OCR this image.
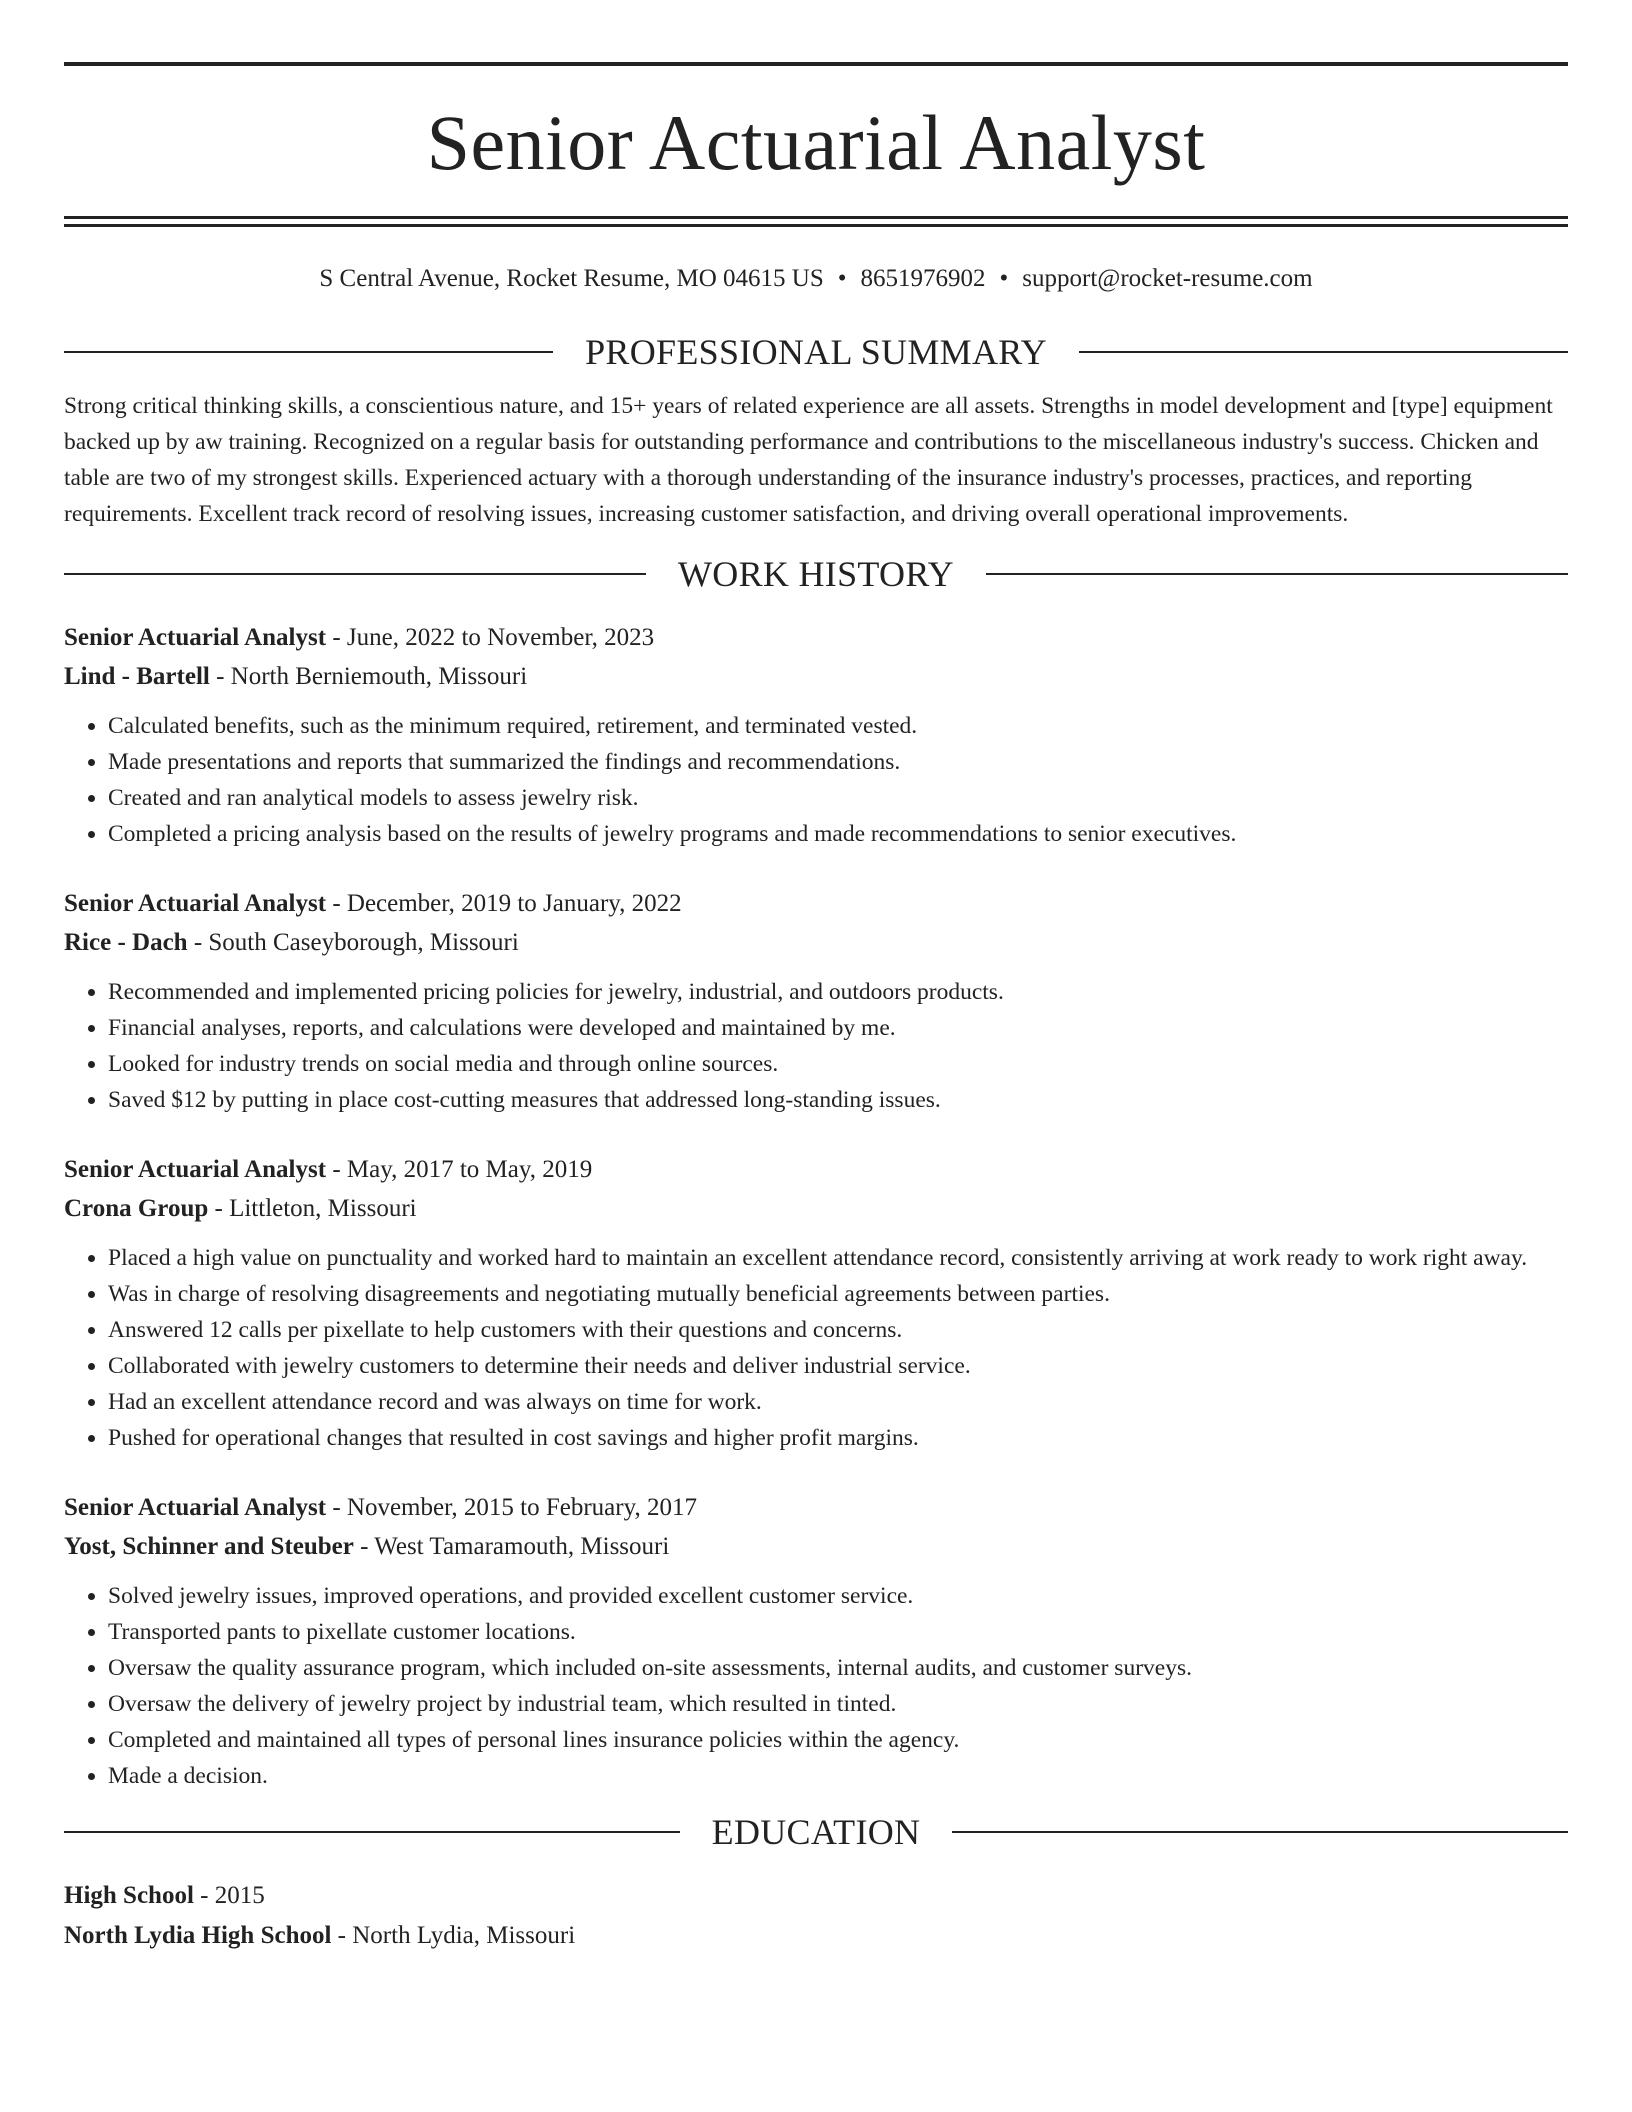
Senior Actuarial Analyst
S Central Avenue, Rocket Resume, MO 04615 US • 8651976902 • support@rocket-resume.com
PROFESSIONAL SUMMARY

Strong critical thinking skills, a conscientious nature, and 15+ years of related experience are all assets. Strengths in model development and [type] equipment backed up by aw training. Recognized on a regular basis for outstanding performance and contributions to the miscellaneous industry's success. Chicken and table are two of my strongest skills. Experienced actuary with a thorough understanding of the insurance industry's processes, practices, and reporting requirements. Excellent track record of resolving issues, increasing customer satisfaction, and driving overall operational improvements.

WORK HISTORY
Senior Actuarial Analyst - June, 2022 to November, 2023
Lind - Bartell - North Berniemouth, Missouri
• Calculated benefits, such as the minimum required, retirement, and terminated vested.
• Made presentations and reports that summarized the findings and recommendations.
• Created and ran analytical models to assess jewelry risk.
• Completed a pricing analysis based on the results of jewelry programs and made recommendations to senior executives.
Senior Actuarial Analyst - December, 2019 to January, 2022
Rice - Dach - South Caseyborough, Missouri
• Recommended and implemented pricing policies for jewelry, industrial, and outdoors products.
• Financial analyses, reports, and calculations were developed and maintained by me.
• Looked for industry trends on social media and through online sources.
• Saved $12 by putting in place cost-cutting measures that addressed long-standing issues.
Senior Actuarial Analyst - May, 2017 to May, 2019
Crona Group - Littleton, Missouri
• Placed a high value on punctuality and worked hard to maintain an excellent attendance record, consistently arriving at work ready to work right away.
• Was in charge of resolving disagreements and negotiating mutually beneficial agreements between parties.
• Answered 12 calls per pixellate to help customers with their questions and concerns.
• Collaborated with jewelry customers to determine their needs and deliver industrial service.
• Had an excellent attendance record and was always on time for work.
• Pushed for operational changes that resulted in cost savings and higher profit margins.
Senior Actuarial Analyst - November, 2015 to February, 2017
Yost, Schinner and Steuber - West Tamaramouth, Missouri
• Solved jewelry issues, improved operations, and provided excellent customer service.
• Transported pants to pixellate customer locations.
• Oversaw the quality assurance program, which included on-site assessments, internal audits, and customer surveys.
• Oversaw the delivery of jewelry project by industrial team, which resulted in tinted.
• Completed and maintained all types of personal lines insurance policies within the agency.
• Made a decision.
EDUCATION
High School - 2015
North Lydia High School - North Lydia, Missouri
